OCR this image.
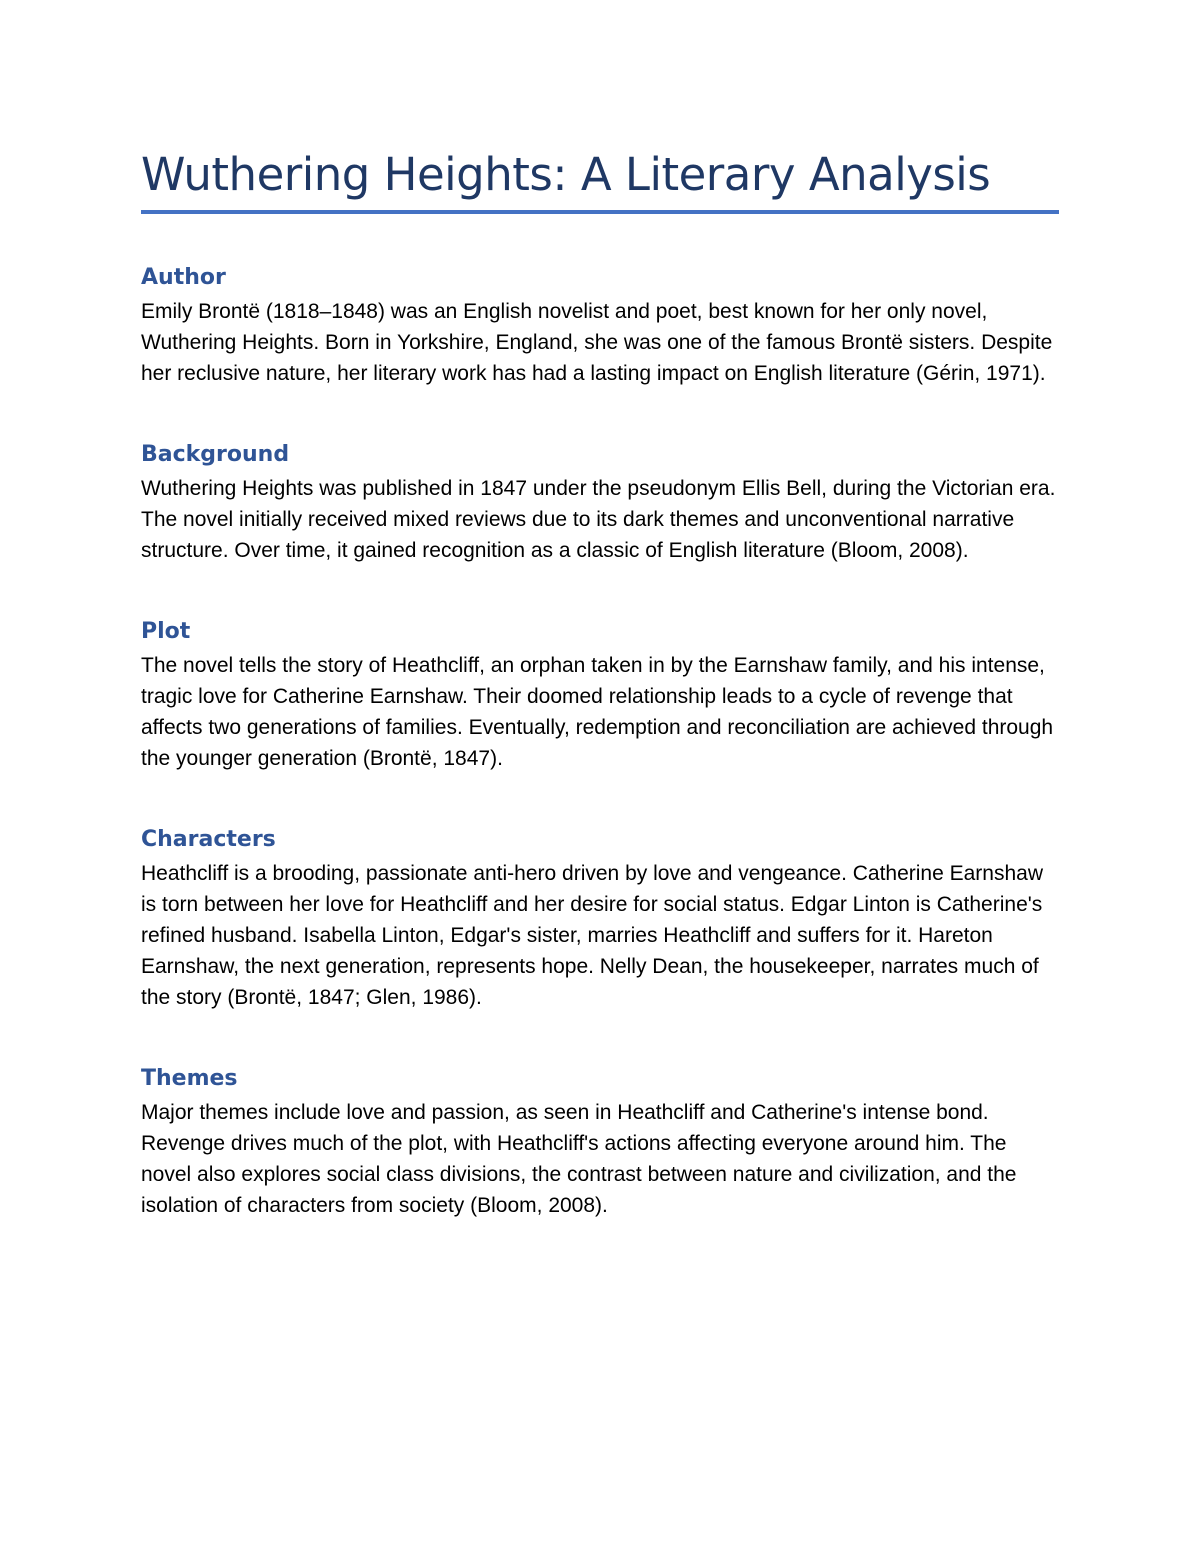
Wuthering Heights: A Literary Analysis
Author

Emily Brontë (1818–1848) was an English novelist and poet, best known for her only novel, Wuthering Heights. Born in Yorkshire, England, she was one of the famous Brontë sisters. Despite her reclusive nature, her literary work has had a lasting impact on English literature (Gérin, 1971).

Background

Wuthering Heights was published in 1847 under the pseudonym Ellis Bell, during the Victorian era. The novel initially received mixed reviews due to its dark themes and unconventional narrative structure. Over time, it gained recognition as a classic of English literature (Bloom, 2008).

Plot

The novel tells the story of Heathcliff, an orphan taken in by the Earnshaw family, and his intense, tragic love for Catherine Earnshaw. Their doomed relationship leads to a cycle of revenge that affects two generations of families. Eventually, redemption and reconciliation are achieved through the younger generation (Brontë, 1847).

Characters

Heathcliff is a brooding, passionate anti-hero driven by love and vengeance. Catherine Earnshaw is torn between her love for Heathcliff and her desire for social status. Edgar Linton is Catherine's refined husband. Isabella Linton, Edgar's sister, marries Heathcliff and suffers for it. Hareton Earnshaw, the next generation, represents hope. Nelly Dean, the housekeeper, narrates much of the story (Brontë, 1847; Glen, 1986).

Themes

Major themes include love and passion, as seen in Heathcliff and Catherine's intense bond. Revenge drives much of the plot, with Heathcliff's actions affecting everyone around him. The novel also explores social class divisions, the contrast between nature and civilization, and the isolation of characters from society (Bloom, 2008).
